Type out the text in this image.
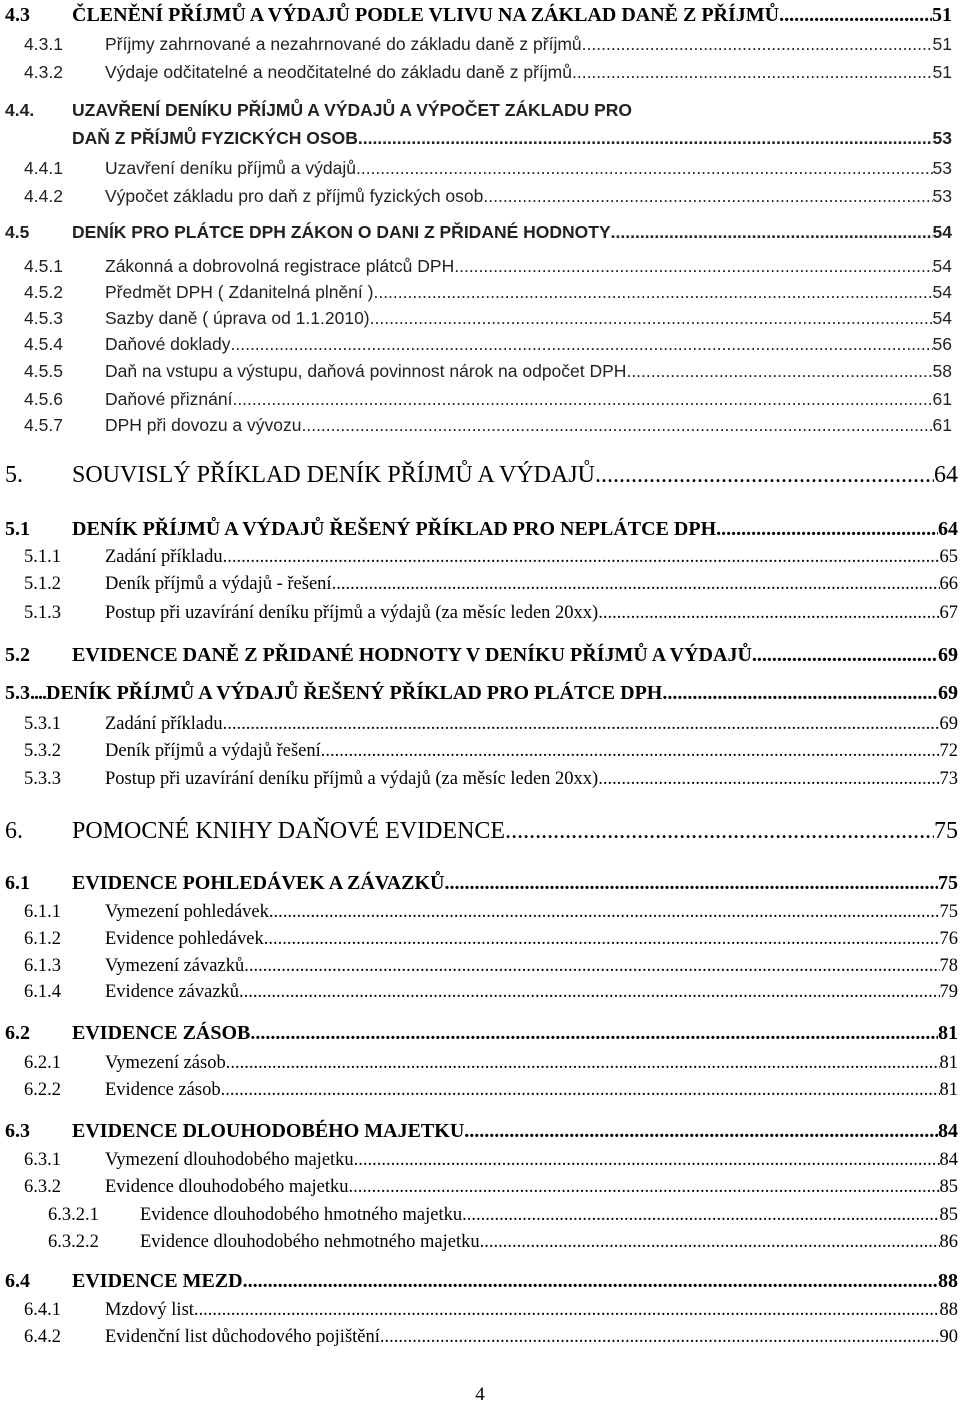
4.3	ČLENĚNÍ PŘÍJMŮ A VÝDAJŮ PODLE VLIVU NA ZÁKLAD DANĚ Z PŘÍJMŮ .....	51
4.3.1	Příjmy zahrnované a nezahrnované do základu daně z příjmů .....	51
4.3.2	Výdaje odčitatelné a neodčitatelné do základu daně z příjmů .....	51
4.4.	UZAVŘENÍ DENÍKU PŘÍJMŮ A VÝDAJŮ A VÝPOČET ZÁKLADU PRO
DAŇ Z PŘÍJMŮ FYZICKÝCH OSOB .....	53
4.4.1	Uzavření deníku příjmů a výdajů .....	53
4.4.2	Výpočet základu pro daň z příjmů fyzických osob .....	53
4.5	DENÍK PRO PLÁTCE DPH ZÁKON O DANI Z PŘIDANÉ HODNOTY .....	54
4.5.1	Zákonná a dobrovolná registrace plátců DPH .....	54
4.5.2	Předmět DPH ( Zdanitelná plnění ) .....	54
4.5.3	Sazby daně ( úprava od 1.1.2010) .....	54
4.5.4	Daňové doklady .....	56
4.5.5	Daň na vstupu a výstupu, daňová povinnost nárok na odpočet DPH .....	58
4.5.6	Daňové přiznání .....	61
4.5.7	DPH při dovozu a vývozu .....	61
5.	SOUVISLÝ PŘÍKLAD DENÍK PŘÍJMŮ A VÝDAJŮ .....	64
5.1	DENÍK PŘÍJMŮ A VÝDAJŮ ŘEŠENÝ PŘÍKLAD PRO NEPLÁTCE DPH .....	64
5.1.1	Zadání příkladu .....	65
5.1.2	Deník příjmů a výdajů - řešení .....	66
5.1.3	Postup při uzavírání deníku příjmů a výdajů (za měsíc leden 20xx) .....	67
5.2	EVIDENCE DANĚ Z PŘIDANÉ HODNOTY V DENÍKU PŘÍJMŮ A VÝDAJŮ .....	69
5.3 .... DENÍK PŘÍJMŮ A VÝDAJŮ ŘEŠENÝ PŘÍKLAD PRO PLÁTCE DPH .....	69
5.3.1	Zadání příkladu .....	69
5.3.2	Deník příjmů a výdajů řešení .....	72
5.3.3	Postup při uzavírání deníku příjmů a výdajů (za měsíc leden 20xx) .....	73
6.	POMOCNÉ KNIHY DAŇOVÉ EVIDENCE .....	75
6.1	EVIDENCE POHLEDÁVEK A ZÁVAZKŮ .....	75
6.1.1	Vymezení pohledávek .....	75
6.1.2	Evidence pohledávek .....	76
6.1.3	Vymezení závazků .....	78
6.1.4	Evidence závazků .....	79
6.2	EVIDENCE ZÁSOB .....	81
6.2.1	Vymezení zásob .....	81
6.2.2	Evidence zásob .....	81
6.3	EVIDENCE DLOUHODOBÉHO MAJETKU .....	84
6.3.1	Vymezení dlouhodobého majetku .....	84
6.3.2	Evidence dlouhodobého majetku .....	85
6.3.2.1	Evidence dlouhodobého hmotného majetku .....	85
6.3.2.2	Evidence dlouhodobého nehmotného majetku .....	86
6.4	EVIDENCE MEZD .....	88
6.4.1	Mzdový list .....	88
6.4.2	Evidenční list důchodového pojištění .....	90
4
